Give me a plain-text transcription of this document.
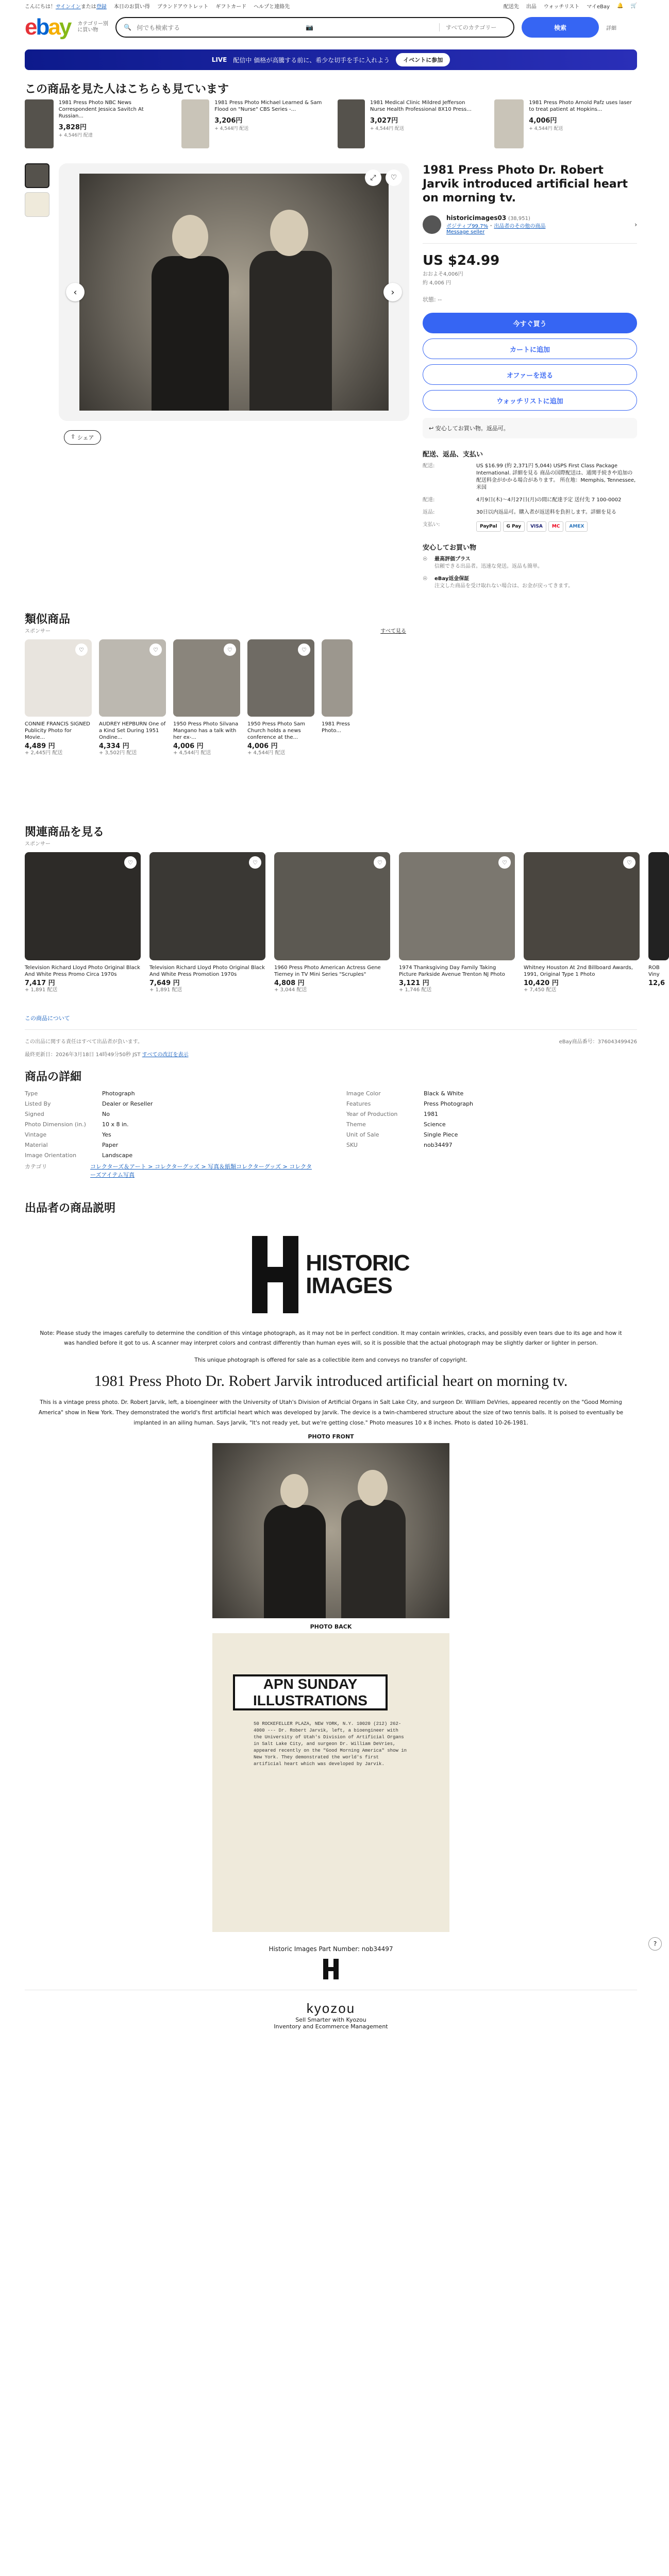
こんにちは！サインインまたは登録 本日のお買い得 ブランドアウトレット ギフトカード ヘルプと連絡先	配送先 出品 ウォッチリスト マイeBay 🔔 🛒
ebay カテゴリー別に買い物	🔍 何でも検索する	📷	すべてのカテゴリー	検索	詳細
LIVE 配信中 価格が高騰する前に、希少な切手を手に入れよう	イベントに参加
この商品を見た人はこちらも見ています
1981 Press Photo NBC News Correspondent Jessica Savitch At Russian...
3,828円
+ 4,546円 配達
1981 Press Photo Michael Learned & Sam Flood on "Nurse" CBS Series -...
3,206円
+ 4,544円 配送
1981 Medical Clinic Mildred Jefferson Nurse Health Professional 8X10 Press...
3,027円
+ 4,544円 配送
1981 Press Photo Arnold Pafz uses laser to treat patient at Hopkins...
4,006円
+ 4,544円 配送
‹	›
⤢	♡
⇧ シェア
1981 Press Photo Dr. Robert Jarvik introduced artificial heart on morning tv.
historicimages03 (38,951)
ポジティブ99.7% · 出品者のその他の商品
Message seller
›
US $24.99
おおよそ4,006円
約 4,006 円
状態: --
今すぐ買う
カートに追加
オファーを送る
ウォッチリストに追加
↩ 安心してお買い物。返品可。
配送、返品、支払い
配送:	US $16.99 (約 2,371円 5,044) USPS First Class Package International. 詳細を見る 商品の国際配送は、通関手続きや追加の配送料金がかかる場合があります。 所在地：Memphis, Tennessee, 米国
配達:	4月9日(木)〜4月27日(月)の間に配達予定 送付先 7 100-0002
返品:	30日以内返品可。購入者が返送料を負担します。詳細を見る
支払い:	PayPal	G Pay	VISA	MC	AMEX
安心してお買い物
☉ 最高評価プラス
信頼できる出品者。迅速な発送。返品も簡単。
☉ eBay返金保証
注文した商品を受け取れない場合は、お金が戻ってきます。
類似商品
スポンサー	すべて見る
♡
CONNIE FRANCIS SIGNED Publicity Photo for Movie...
4,489 円
+ 2,445円 配送
♡
AUDREY HEPBURN One of a Kind Set During 1951 Ondine...
4,334 円
+ 3,502円 配送
♡
1950 Press Photo Silvana Mangano has a talk with her ex-...
4,006 円
+ 4,544円 配送
♡
1950 Press Photo Sam Church holds a news conference at the...
4,006 円
+ 4,544円 配送
1981 Press Photo...
関連商品を見る
スポンサー
♡
Television Richard Lloyd Photo Original Black And White Press Promo Circa 1970s
7,417 円
+ 1,891 配送
♡
Television Richard Lloyd Photo Original Black And White Press Promotion 1970s
7,649 円
+ 1,891 配送
♡
1960 Press Photo American Actress Gene Tierney in TV Mini Series "Scruples"
4,808 円
+ 3,044 配送
♡
1974 Thanksgiving Day Family Taking Picture Parkside Avenue Trenton NJ Photo
3,121 円
+ 1,746 配送
♡
Whitney Houston At 2nd Billboard Awards, 1991, Original Type 1 Photo
10,420 円
+ 7,450 配送
ROB Viny
12,6
この商品について
この出品に関する責任はすべて出品者が負います。
最終更新日：2026年3月18日 14時49分50秒 JST すべての改訂を表示
eBay商品番号：376043499426
商品の詳細
Type	Photograph
Listed By	Dealer or Reseller
Signed	No
Photo Dimension (in.)	10 x 8 in.
Vintage	Yes
Material	Paper
Image Orientation	Landscape
カテゴリ	コレクターズ＆アート > コレクターグッズ > 写真＆紙類コレクターグッズ > コレクターズアイテム写真
Image Color	Black & White
Features	Press Photograph
Year of Production	1981
Theme	Science
Unit of Sale	Single Piece
SKU	nob34497
出品者の商品説明
HISTORIC
IMAGES
Note: Please study the images carefully to determine the condition of this vintage photograph, as it may not be in perfect condition. It may contain wrinkles, cracks, and possibly even tears due to its age and how it was handled before it got to us. A scanner may interpret colors and contrast differently than human eyes will, so it is possible that the actual photograph may be slightly darker or lighter in person.
This unique photograph is offered for sale as a collectible item and conveys no transfer of copyright.
1981 Press Photo Dr. Robert Jarvik introduced artificial heart on morning tv.
This is a vintage press photo. Dr. Robert Jarvik, left, a bioengineer with the University of Utah's Division of Artificial Organs in Salt Lake City, and surgeon Dr. William DeVries, appeared recently on the "Good Morning America" show in New York. They demonstrated the world's first artificial heart which was developed by Jarvik. The device is a twin-chambered structure about the size of two tennis balls. It is poised to eventually be implanted in an ailing human. Says Jarvik, "It's not ready yet, but we're getting close." Photo measures 10 x 8 inches. Photo is dated 10-26-1981.
PHOTO FRONT
PHOTO BACK
APN SUNDAY ILLUSTRATIONS
50 ROCKEFELLER PLAZA, NEW YORK, N.Y. 10020 (212) 262-4000 --- Dr. Robert Jarvik, left, a bioengineer with the University of Utah's Division of Artificial Organs in Salt Lake City, and surgeon Dr. William DeVries, appeared recently on the "Good Morning America" show in New York. They demonstrated the world's first artificial heart which was developed by Jarvik.
Historic Images Part Number: nob34497
kyozou
Sell Smarter with Kyozou
Inventory and Ecommerce Management
?
